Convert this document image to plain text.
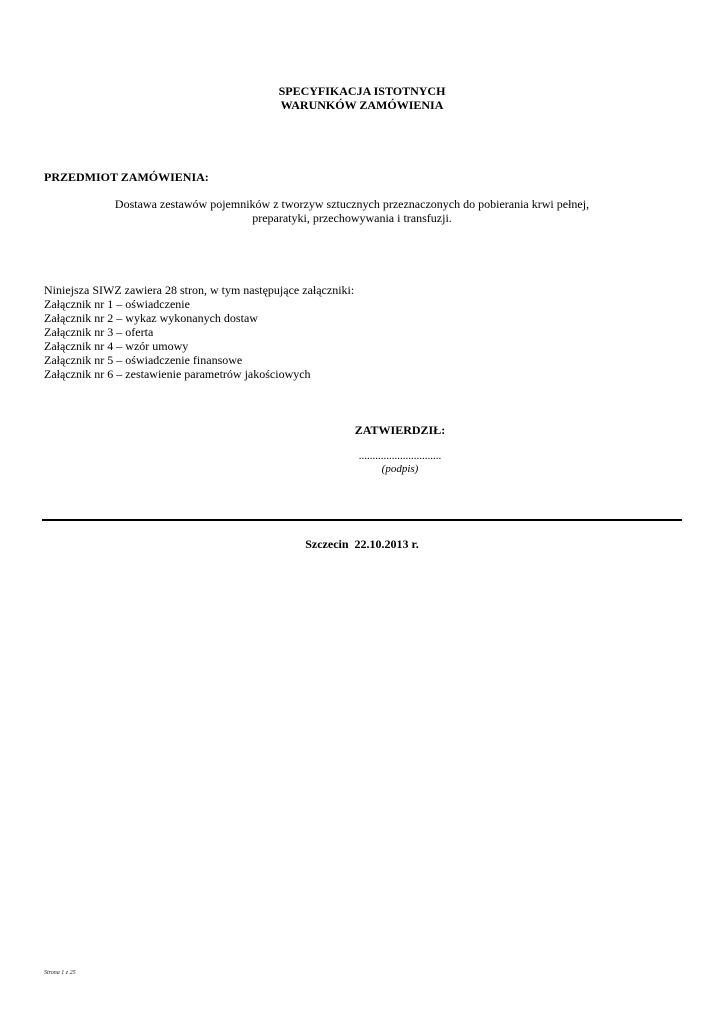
SPECYFIKACJA ISTOTNYCH
WARUNKÓW ZAMÓWIENIA
PRZEDMIOT ZAMÓWIENIA:
Dostawa zestawów pojemników z tworzyw sztucznych przeznaczonych do pobierania krwi pełnej,
preparatyki, przechowywania i transfuzji.
Niniejsza SIWZ zawiera 28 stron, w tym następujące załączniki:
Załącznik nr 1 – oświadczenie
Załącznik nr 2 – wykaz wykonanych dostaw
Załącznik nr 3 – oferta
Załącznik nr 4 – wzór umowy
Załącznik nr 5 – oświadczenie finansowe
Załącznik nr 6 – zestawienie parametrów jakościowych
ZATWIERDZIŁ:
..............................
(podpis)
Szczecin  22.10.2013 r.
Strona 1 z 25
